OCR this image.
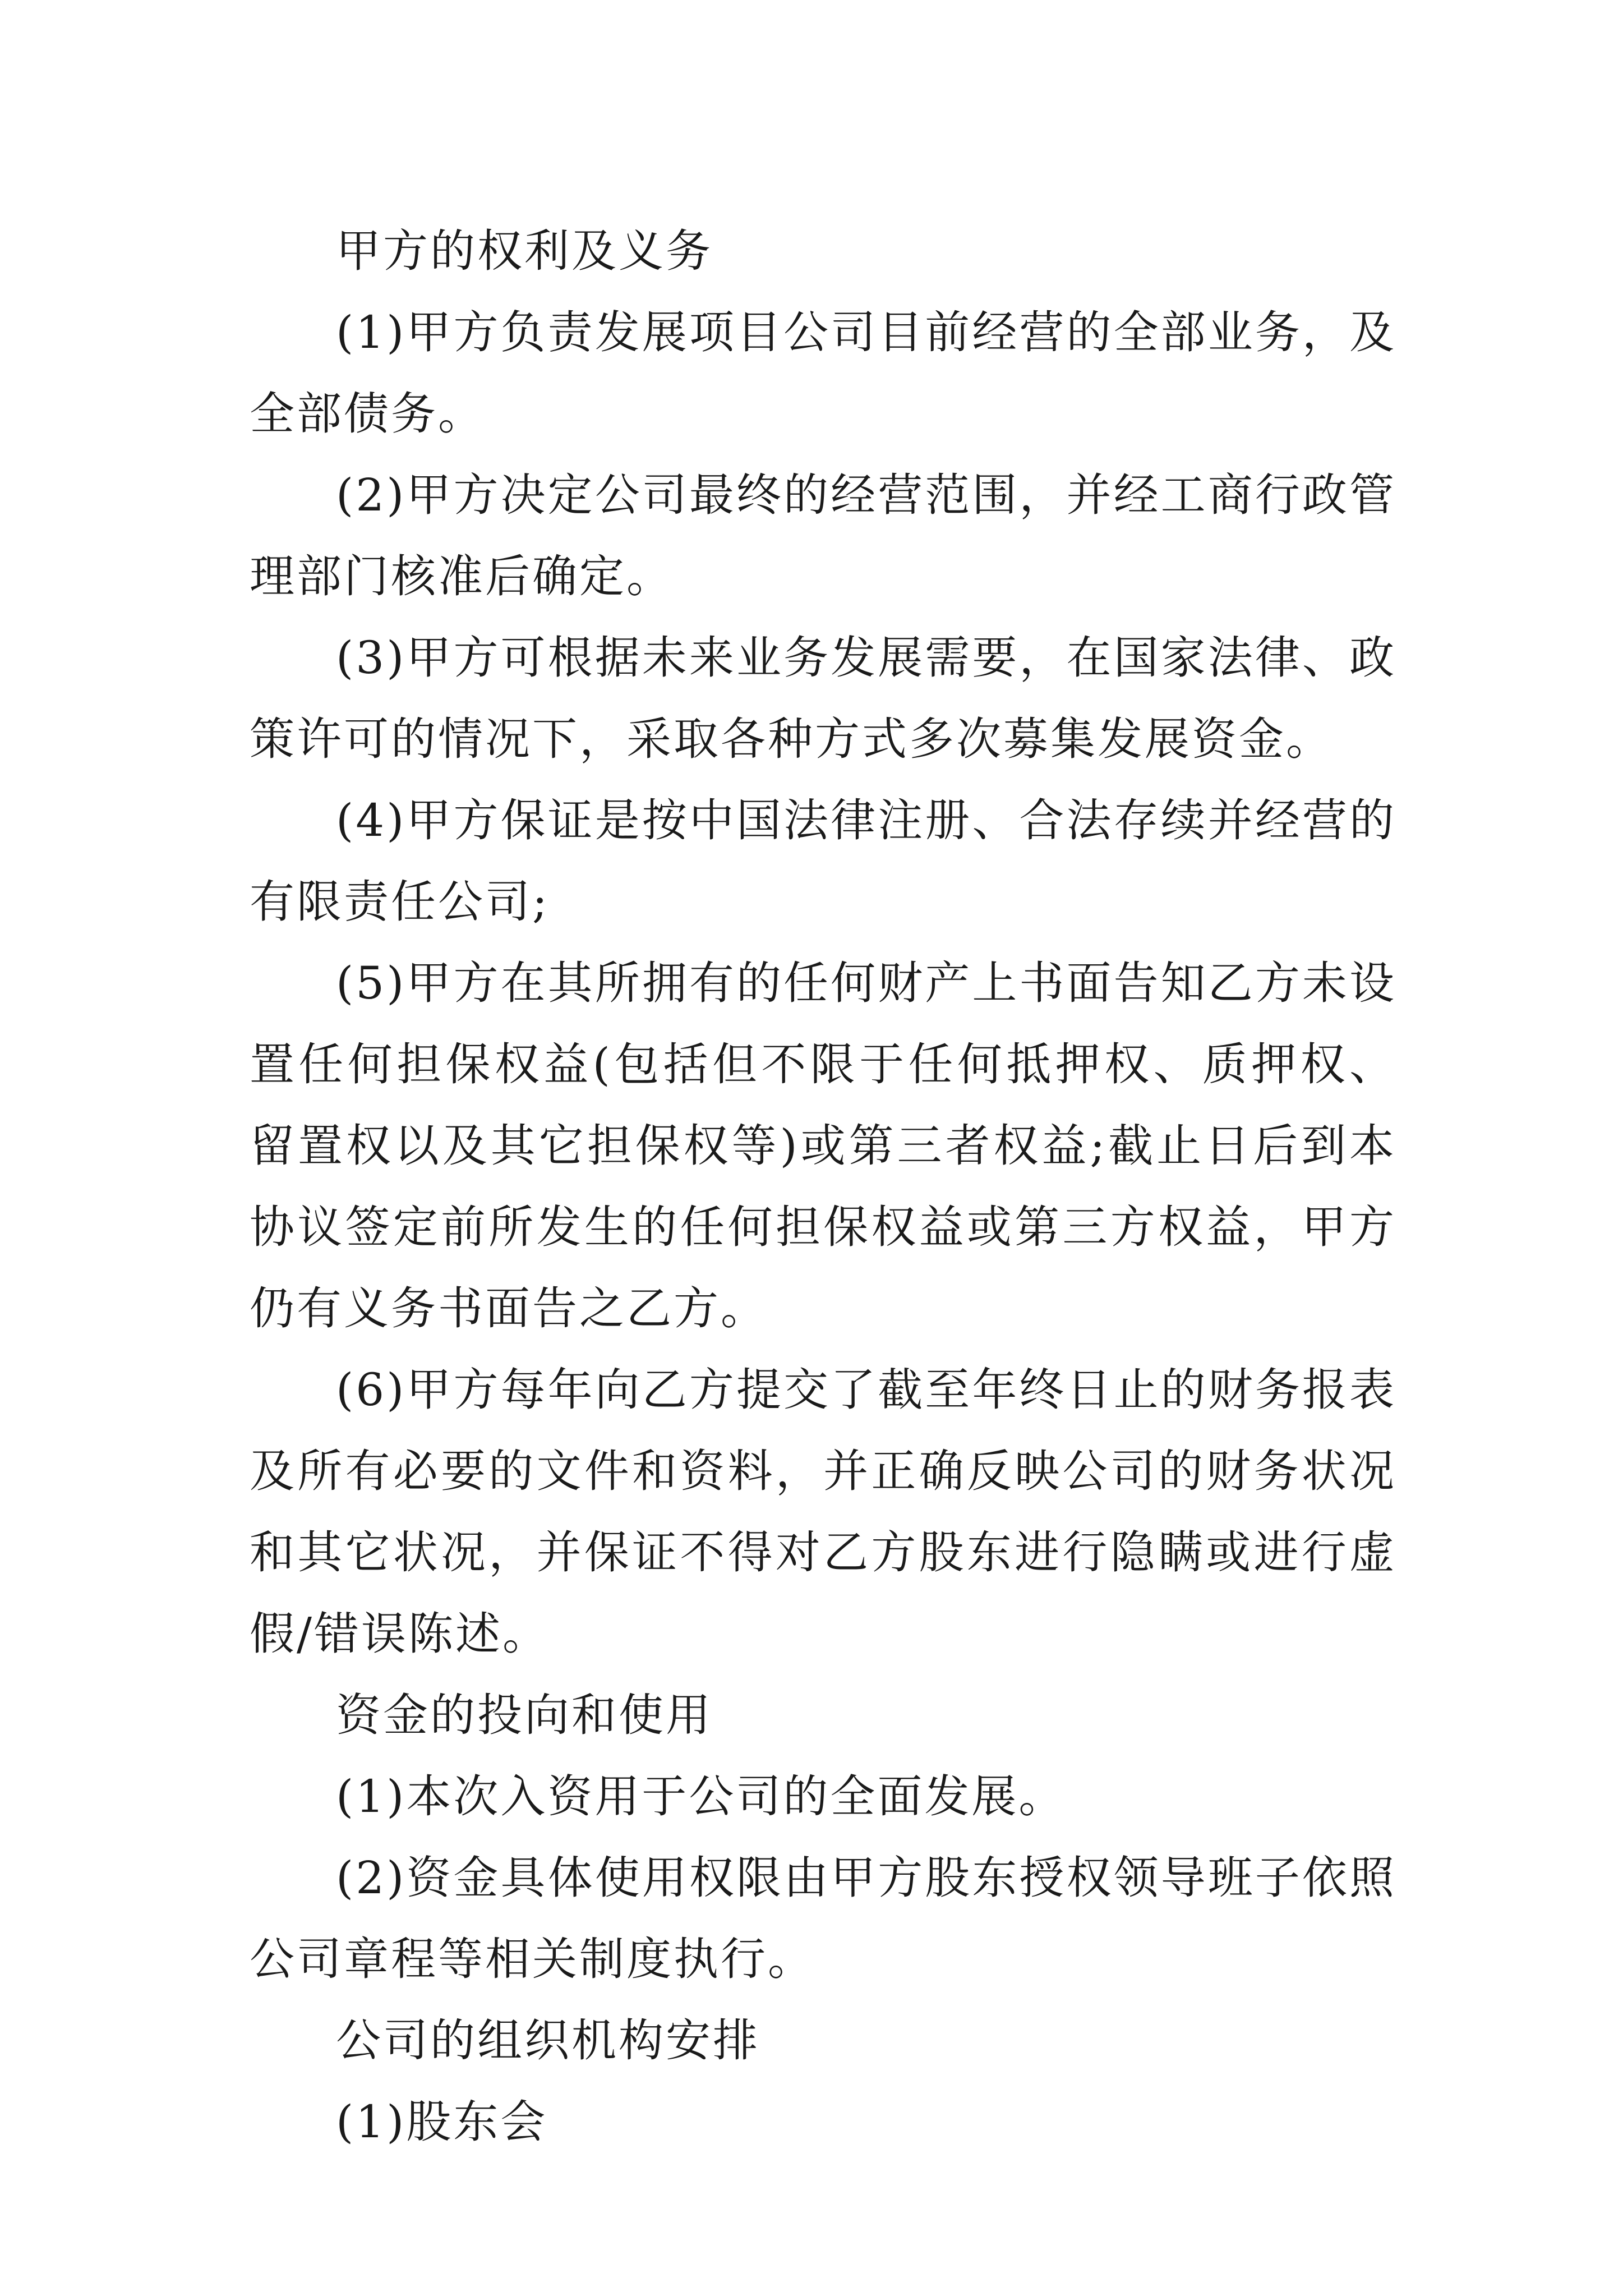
甲方的权利及义务

(1)甲方负责发展项目公司目前经营的全部业务，及全部债务。

(2)甲方决定公司最终的经营范围，并经工商行政管理部门核准后确定。

(3)甲方可根据未来业务发展需要，在国家法律、政策许可的情况下，采取各种方式多次募集发展资金。

(4)甲方保证是按中国法律注册、合法存续并经营的有限责任公司;

(5)甲方在其所拥有的任何财产上书面告知乙方未设置任何担保权益(包括但不限于任何抵押权、质押权、留置权以及其它担保权等)或第三者权益;截止日后到本协议签定前所发生的任何担保权益或第三方权益，甲方仍有义务书面告之乙方。

(6)甲方每年向乙方提交了截至年终日止的财务报表及所有必要的文件和资料，并正确反映公司的财务状况和其它状况，并保证不得对乙方股东进行隐瞒或进行虚假/错误陈述。

资金的投向和使用

(1)本次入资用于公司的全面发展。

(2)资金具体使用权限由甲方股东授权领导班子依照公司章程等相关制度执行。

公司的组织机构安排

(1)股东会
